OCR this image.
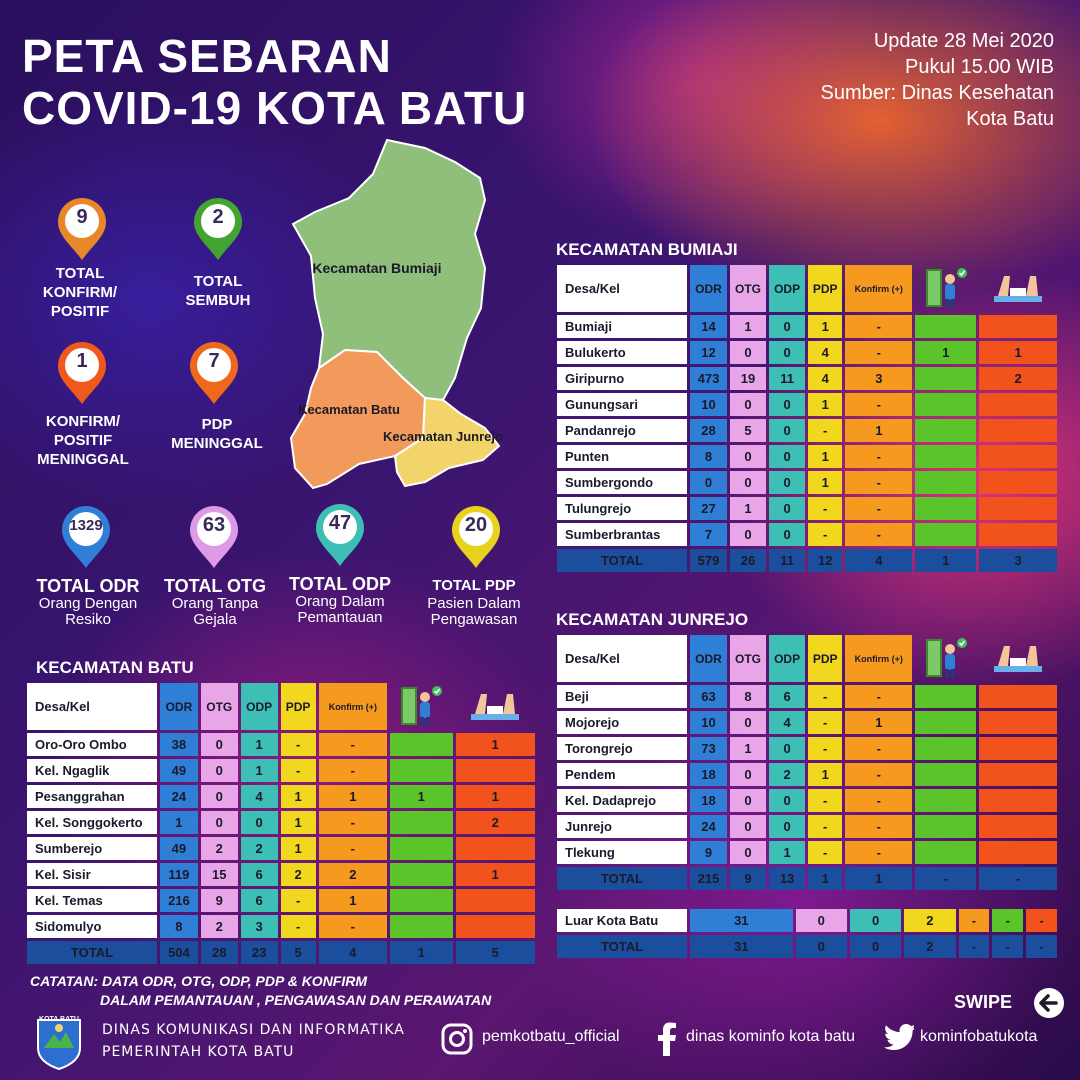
PETA SEBARAN
COVID-19 KOTA BATU
Update 28 Mei 2020
Pukul 15.00 WIB
Sumber: Dinas Kesehatan
Kota Batu
9
TOTAL KONFIRM/ POSITIF
2
TOTAL SEMBUH
1
KONFIRM/ POSITIF MENINGGAL
7
PDP MENINGGAL
1329
TOTAL ODR
Orang Dengan Resiko
63
TOTAL OTG
Orang Tanpa Gejala
47
TOTAL ODP
Orang Dalam Pemantauan
20
TOTAL PDP
Pasien Dalam Pengawasan
Kecamatan Bumiaji
Kecamatan Batu
Kecamatan Junrejo
KECAMATAN BATU
KECAMATAN BUMIAJI
KECAMATAN JUNREJO
Desa/Kel	ODR	OTG	ODP	PDP	Konfirm (+)		
Oro-Oro Ombo	38	0	1	-	-		1
Kel. Ngaglik	49	0	1	-	-		
Pesanggrahan	24	0	4	1	1	1	1
Kel. Songgokerto	1	0	0	1	-		2
Sumberejo	49	2	2	1	-		
Kel. Sisir	119	15	6	2	2		1
Kel. Temas	216	9	6	-	1		
Sidomulyo	8	2	3	-	-		
TOTAL	504	28	23	5	4	1	5
Desa/Kel	ODR	OTG	ODP	PDP	Konfirm (+)		
Bumiaji	14	1	0	1	-		
Bulukerto	12	0	0	4	-	1	1
Giripurno	473	19	11	4	3		2
Gunungsari	10	0	0	1	-		
Pandanrejo	28	5	0	-	1		
Punten	8	0	0	1	-		
Sumbergondo	0	0	0	1	-		
Tulungrejo	27	1	0	-	-		
Sumberbrantas	7	0	0	-	-		
TOTAL	579	26	11	12	4	1	3
Desa/Kel	ODR	OTG	ODP	PDP	Konfirm (+)		
Beji	63	8	6	-	-		
Mojorejo	10	0	4	-	1		
Torongrejo	73	1	0	-	-		
Pendem	18	0	2	1	-		
Kel. Dadaprejo	18	0	0	-	-		
Junrejo	24	0	0	-	-		
Tlekung	9	0	1	-	-		
TOTAL	215	9	13	1	1	-	-
Luar Kota Batu	31	0	0	2	-	-	-
TOTAL	31	0	0	2	-	-	-
CATATAN: DATA ODR, OTG, ODP, PDP & KONFIRM
DALAM PEMANTAUAN , PENGAWASAN DAN PERAWATAN	SWIPE
KOTA BATU
DINAS KOMUNIKASI DAN INFORMATIKA
PEMERINTAH KOTA BATU
pemkotbatu_official	dinas kominfo kota batu	kominfobatukota
